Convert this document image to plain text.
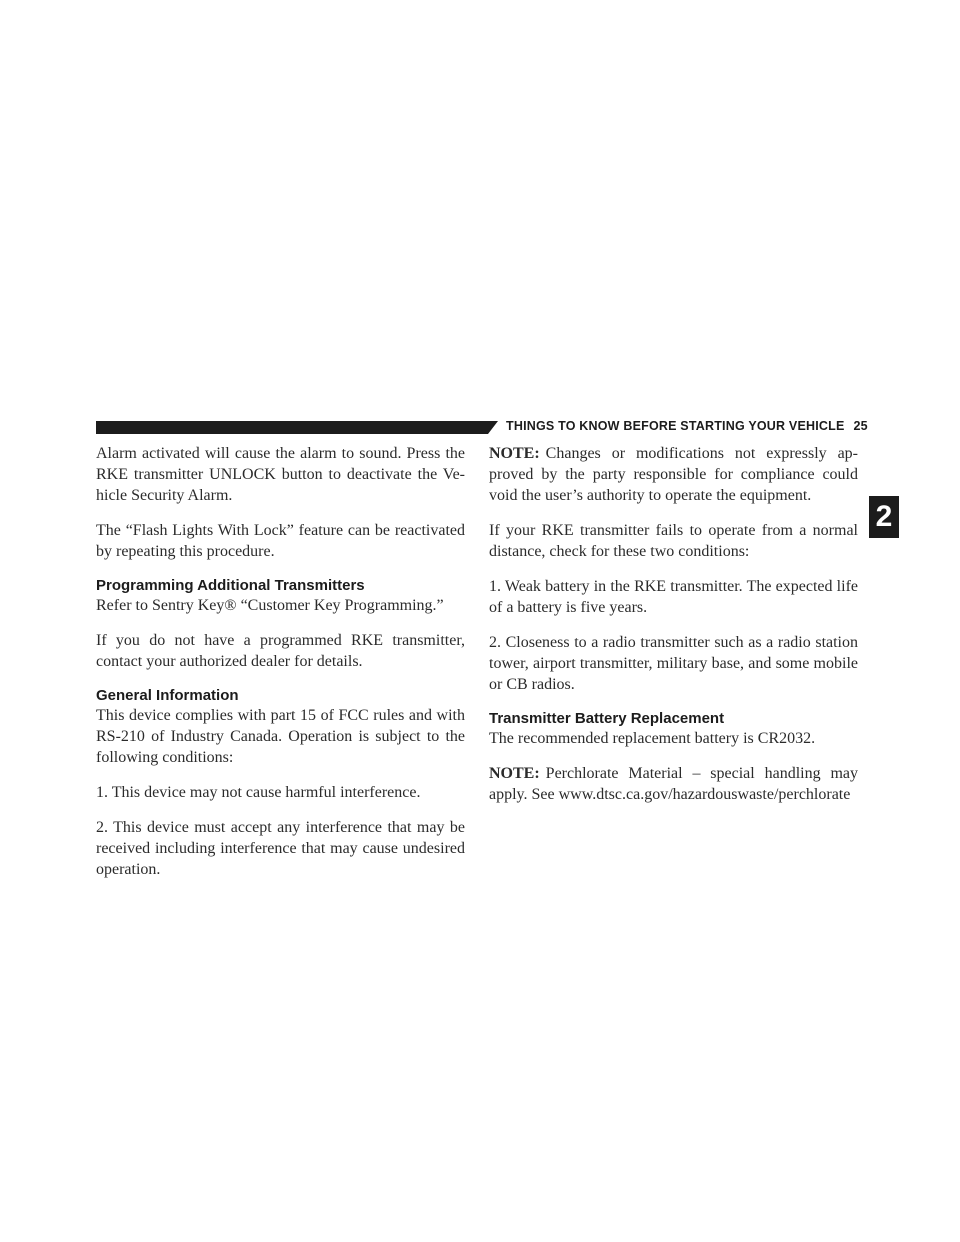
THINGS TO KNOW BEFORE STARTING YOUR VEHICLE 25
2

Alarm activated will cause the alarm to sound. Press the RKE transmitter UNLOCK button to deactivate the Ve-hicle Security Alarm.

The “Flash Lights With Lock” feature can be reactivated by repeating this procedure.

Programming Additional Transmitters

Refer to Sentry Key® “Customer Key Programming.”

If you do not have a programmed RKE transmitter, contact your authorized dealer for details.

General Information

This device complies with part 15 of FCC rules and with RS-210 of Industry Canada. Operation is subject to the following conditions:

1. This device may not cause harmful interference.

2. This device must accept any interference that may be received including interference that may cause undesired operation.

NOTE: Changes or modifications not expressly ap-proved by the party responsible for compliance could void the user’s authority to operate the equipment.

If your RKE transmitter fails to operate from a normal distance, check for these two conditions:

1. Weak battery in the RKE transmitter. The expected life of a battery is five years.

2. Closeness to a radio transmitter such as a radio station tower, airport transmitter, military base, and some mobile or CB radios.

Transmitter Battery Replacement

The recommended replacement battery is CR2032.

NOTE: Perchlorate Material – special handling may apply. See www.dtsc.ca.gov/hazardouswaste/perchlorate
